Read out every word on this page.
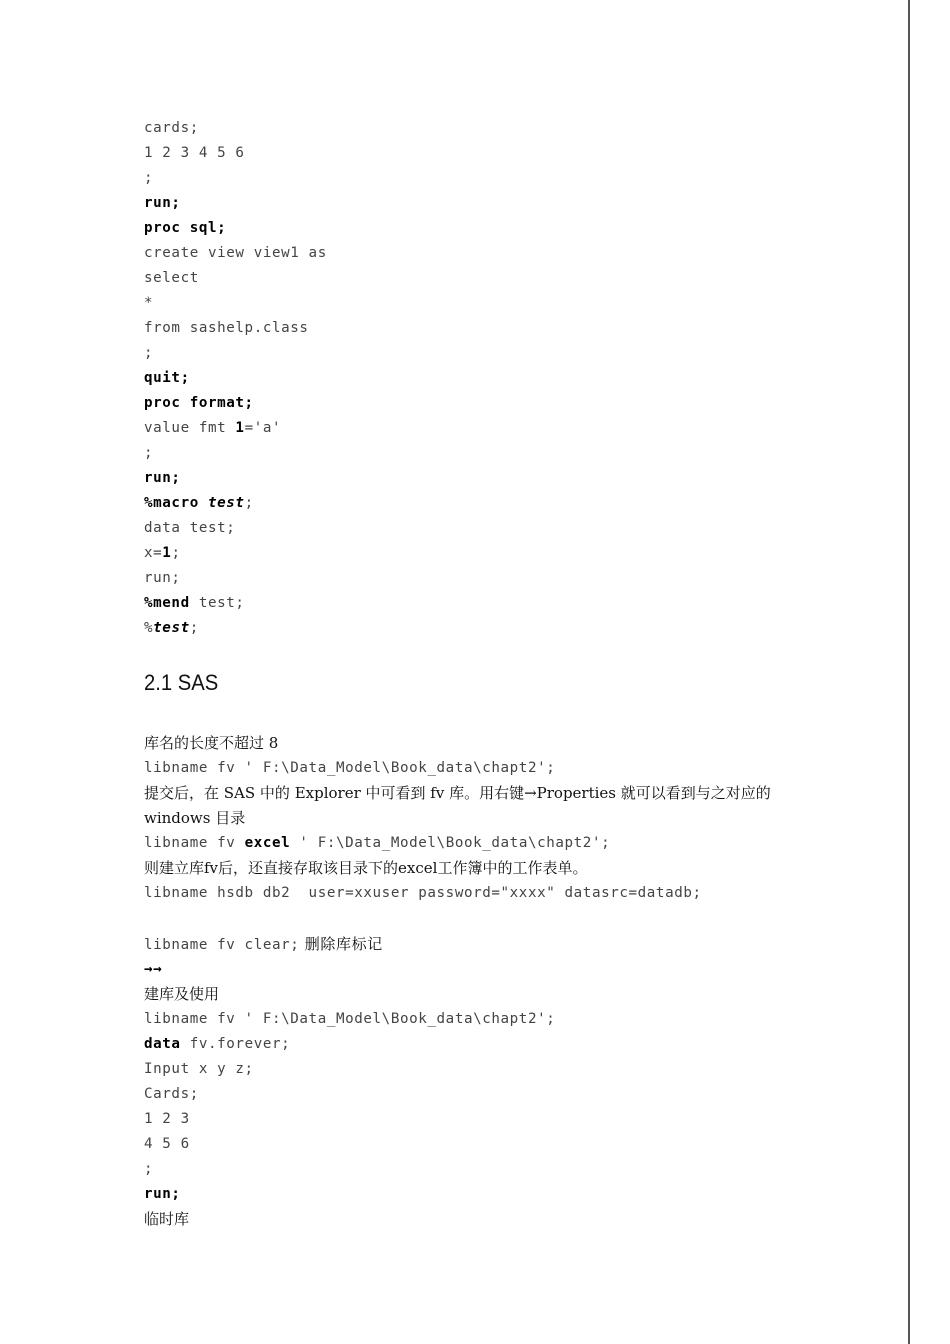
cards;
1 2 3 4 5 6
;
run;
proc sql;
create view view1 as
select
*
from sashelp.class
;
quit;
proc format;
value fmt 1='a'
;
run;
%macro test;
data test;
x=1;
run;
%mend test;
%test;
2.1 SAS
库名的长度不超过 8
libname fv ' F:\Data_Model\Book_data\chapt2';
提交后，在 SAS 中的 Explorer 中可看到 fv 库。用右键→Properties 就可以看到与之对应的
windows 目录
libname fv excel ' F:\Data_Model\Book_data\chapt2';
则建立库fv后，还直接存取该目录下的excel工作簿中的工作表单。
libname hsdb db2  user=xxuser password="xxxx" datasrc=datadb;
libname fv clear; 删除库标记
→→
建库及使用
libname fv ' F:\Data_Model\Book_data\chapt2';
data fv.forever;
Input x y z;
Cards;
1 2 3
4 5 6
;
run;
临时库
